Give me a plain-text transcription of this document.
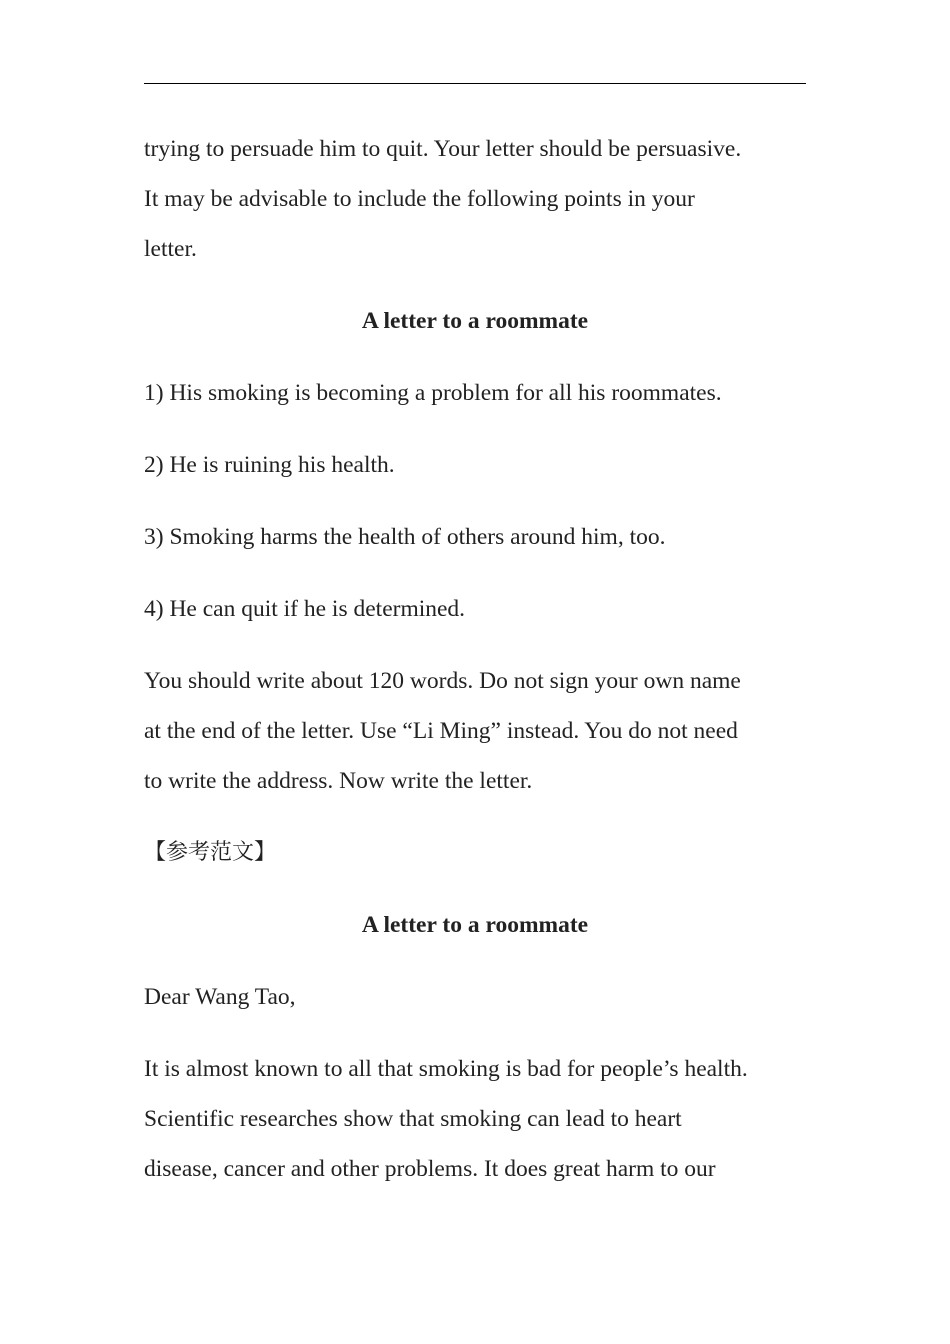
trying to persuade him to quit. Your letter should be persuasive.
It may be advisable to include the following points in your
letter.
A letter to a roommate
1) His smoking is becoming a problem for all his roommates.
2) He is ruining his health.
3) Smoking harms the health of others around him, too.
4) He can quit if he is determined.
You should write about 120 words. Do not sign your own name
at the end of the letter. Use “Li Ming” instead. You do not need
to write the address. Now write the letter.
【参考范文】
A letter to a roommate
Dear Wang Tao,
It is almost known to all that smoking is bad for people’s health.
Scientific researches show that smoking can lead to heart
disease, cancer and other problems. It does great harm to our
